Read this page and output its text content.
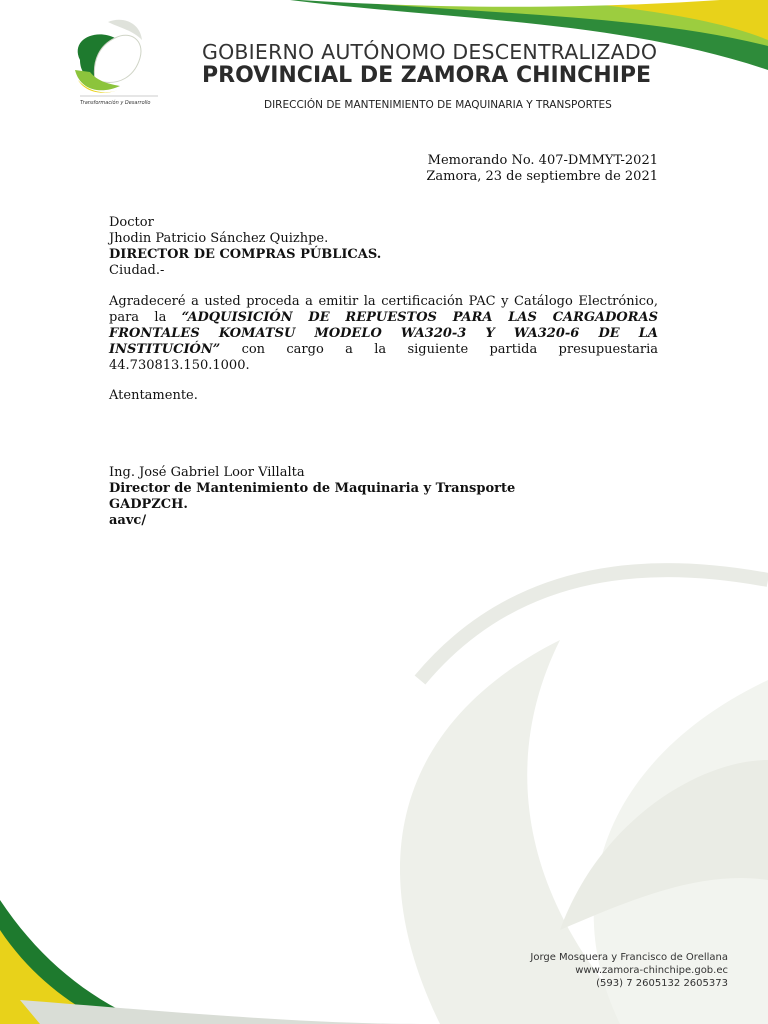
Transformación y Desarrollo
GOBIERNO AUTÓNOMO DESCENTRALIZADO
PROVINCIAL DE ZAMORA CHINCHIPE
DIRECCIÓN DE MANTENIMIENTO DE MAQUINARIA Y TRANSPORTES
Memorando No. 407-DMMYT-2021
Zamora, 23 de septiembre de 2021
Doctor
Jhodin Patricio Sánchez Quizhpe.
DIRECTOR DE COMPRAS PÚBLICAS.
Ciudad.-
Agradeceré a usted proceda a emitir la certificación PAC y Catálogo Electrónico, para la “ADQUISICIÓN DE REPUESTOS PARA LAS CARGADORAS FRONTALES KOMATSU MODELO WA320-3 Y WA320-6 DE LA INSTITUCIÓN” con cargo a la siguiente partida presupuestaria 44.730813.150.1000.
Atentamente.
Ing. José Gabriel Loor Villalta
Director de Mantenimiento de Maquinaria y Transporte
GADPZCH.
aavc/
Jorge Mosquera y Francisco de Orellana
www.zamora-chinchipe.gob.ec
(593) 7 2605132 2605373
